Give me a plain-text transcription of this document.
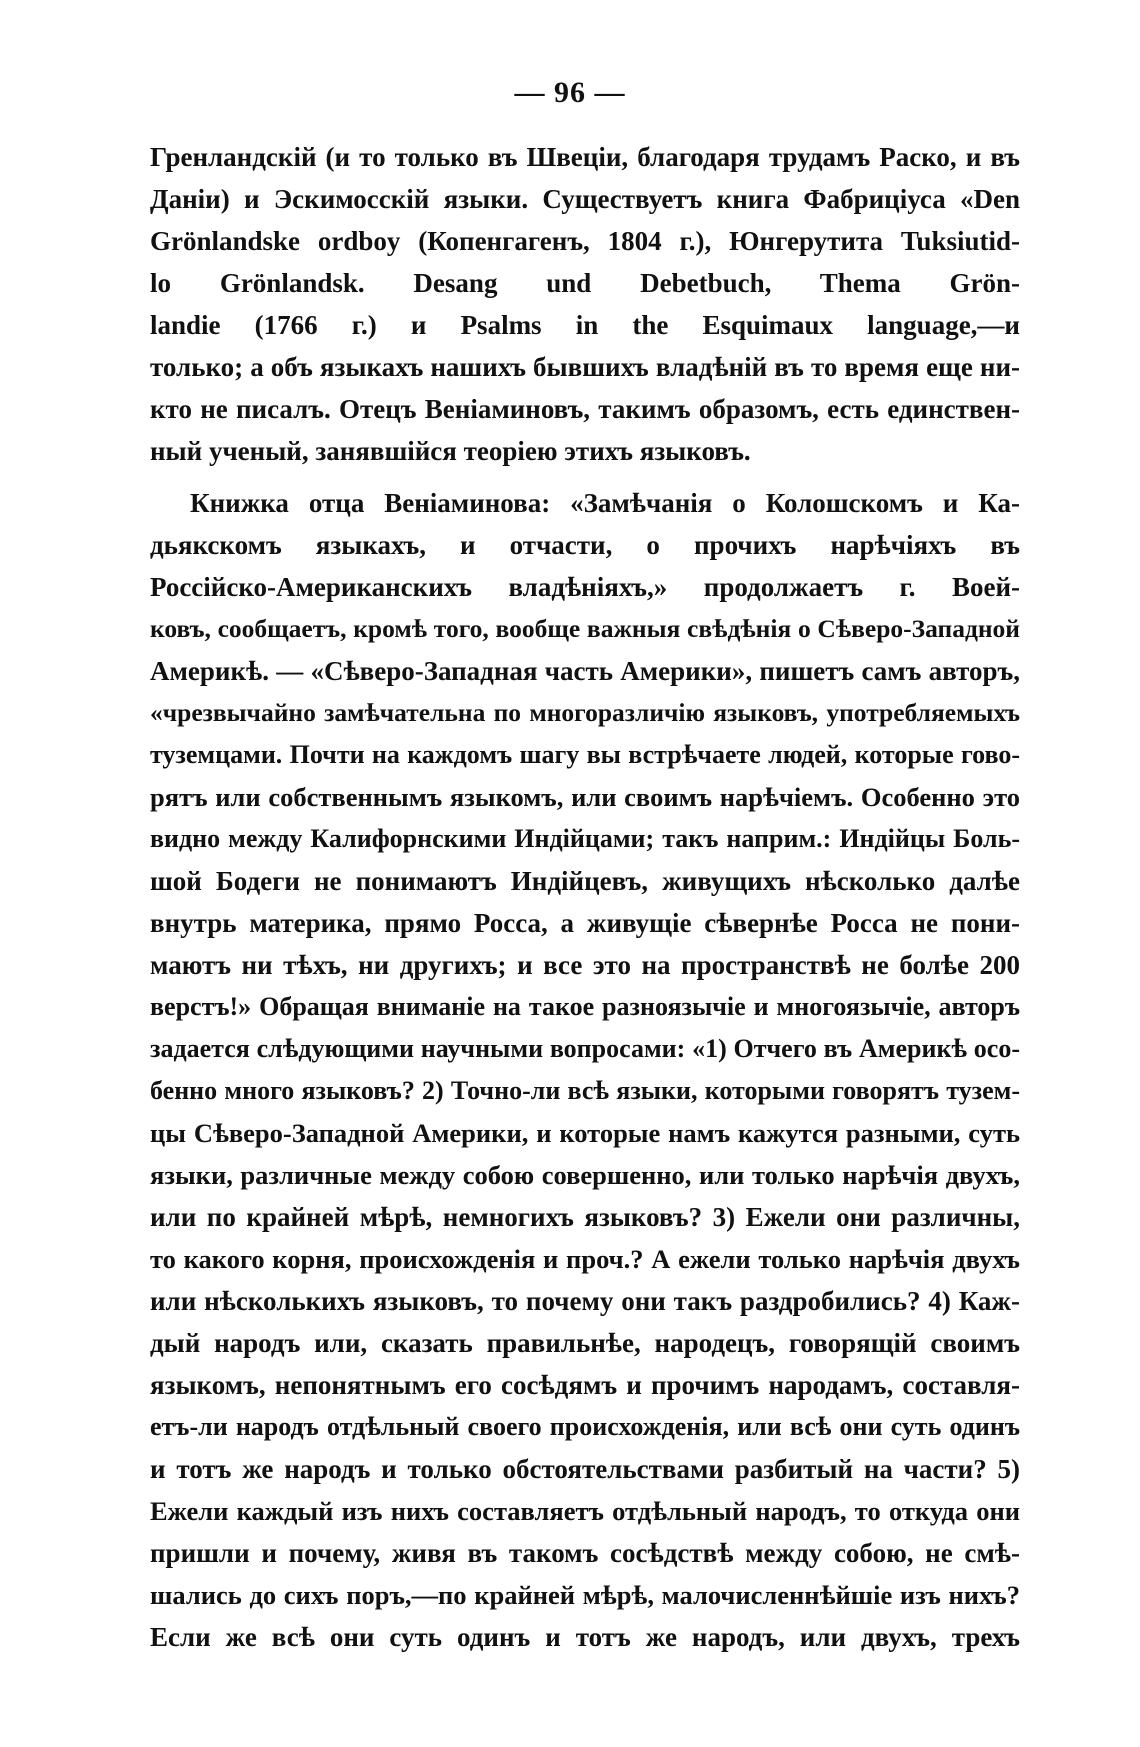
— 96 —
Гренландскій (и то только въ Швеціи, благодаря трудамъ Раско, и въ
Даніи) и Эскимосскій языки. Существуетъ книга Фабриціуса «Den
Grönlandske ordboy (Копенгагенъ, 1804 г.), Юнгерутита Tuksiutid-
lo Grönlandsk. Desang und Debetbuch, Thema Grön-
landie (1766 г.) и Psalms in the Esquimaux language,—и
только; а объ языкахъ нашихъ бывшихъ владѣній въ то время еще ни-
кто не писалъ. Отецъ Веніаминовъ, такимъ образомъ, есть единствен-
ный ученый, занявшійся теоріею этихъ языковъ.
Книжка отца Веніаминова: «Замѣчанія о Колошскомъ и Ка-
дьякскомъ языкахъ, и отчасти, о прочихъ нарѣчіяхъ въ
Россійско-Американскихъ владѣніяхъ,» продолжаетъ г. Воей-
ковъ, сообщаетъ, кромѣ того, вообще важныя свѣдѣнія о Сѣверо-Западной
Америкѣ. — «Сѣверо-Западная часть Америки», пишетъ самъ авторъ,
«чрезвычайно замѣчательна по многоразличію языковъ, употребляемыхъ
туземцами. Почти на каждомъ шагу вы встрѣчаете людей, которые гово-
рятъ или собственнымъ языкомъ, или своимъ нарѣчіемъ. Особенно это
видно между Калифорнскими Индійцами; такъ наприм.: Индійцы Боль-
шой Бодеги не понимаютъ Индійцевъ, живущихъ нѣсколько далѣе
внутрь материка, прямо Росса, а живущіе сѣвернѣе Росса не пони-
маютъ ни тѣхъ, ни другихъ; и все это на пространствѣ не болѣе 200
верстъ!» Обращая вниманіе на такое разноязычіе и многоязычіе, авторъ
задается слѣдующими научными вопросами: «1) Отчего въ Америкѣ осо-
бенно много языковъ? 2) Точно-ли всѣ языки, которыми говорятъ тузем-
цы Сѣверо-Западной Америки, и которые намъ кажутся разными, суть
языки, различные между собою совершенно, или только нарѣчія двухъ,
или по крайней мѣрѣ, немногихъ языковъ? 3) Ежели они различны,
то какого корня, происхожденія и проч.? А ежели только нарѣчія двухъ
или нѣсколькихъ языковъ, то почему они такъ раздробились? 4) Каж-
дый народъ или, сказать правильнѣе, народецъ, говорящій своимъ
языкомъ, непонятнымъ его сосѣдямъ и прочимъ народамъ, составля-
етъ-ли народъ отдѣльный своего происхожденія, или всѣ они суть одинъ
и тотъ же народъ и только обстоятельствами разбитый на части? 5)
Ежели каждый изъ нихъ составляетъ отдѣльный народъ, то откуда они
пришли и почему, живя въ такомъ сосѣдствѣ между собою, не смѣ-
шались до сихъ поръ,—по крайней мѣрѣ, малочисленнѣйшіе изъ нихъ?
Если же всѣ они суть одинъ и тотъ же народъ, или двухъ, трехъ
